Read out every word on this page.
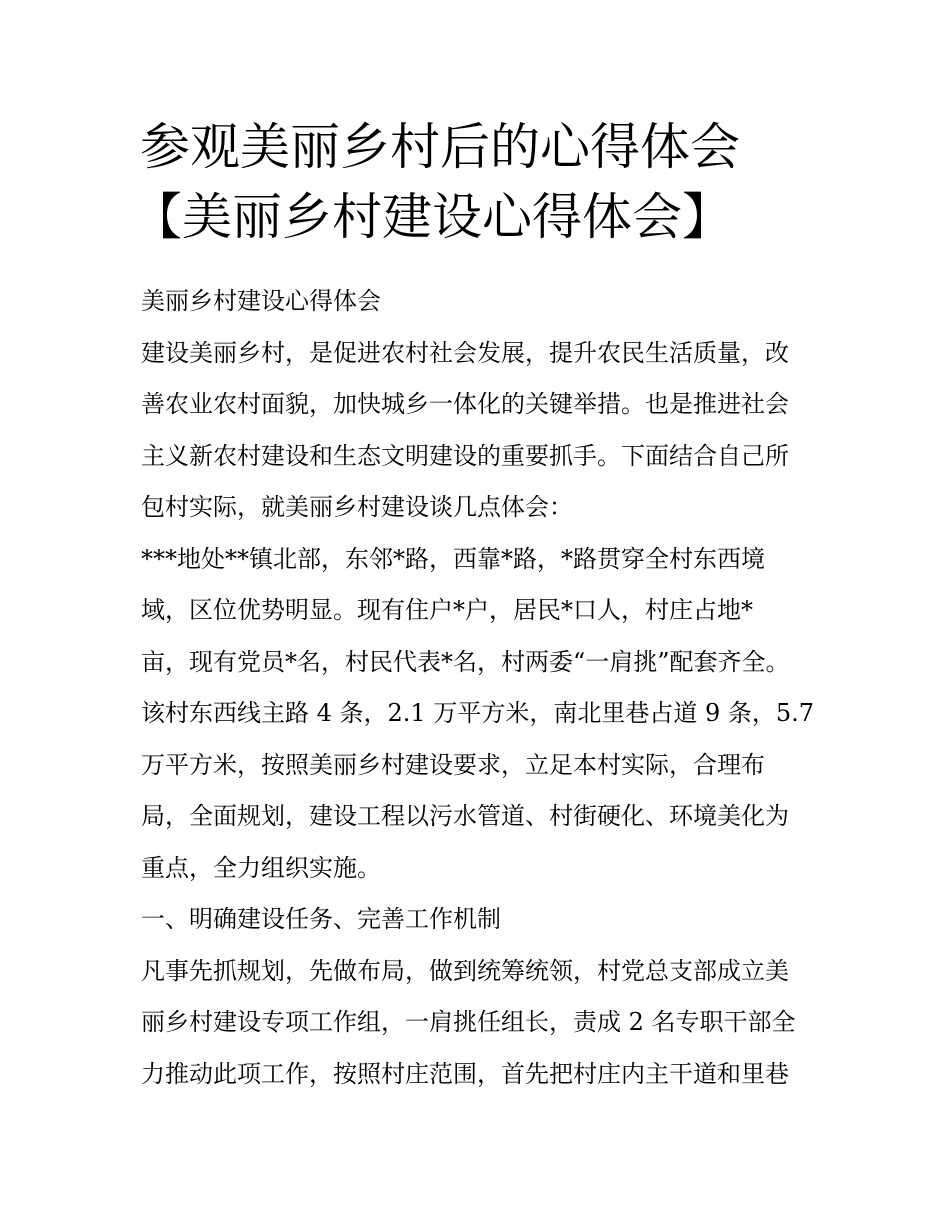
参观美丽乡村后的心得体会
【美丽乡村建设心得体会】
美丽乡村建设心得体会
建设美丽乡村，是促进农村社会发展，提升农民生活质量，改
善农业农村面貌，加快城乡一体化的关键举措。也是推进社会
主义新农村建设和生态文明建设的重要抓手。下面结合自己所
包村实际，就美丽乡村建设谈几点体会：
***地处**镇北部，东邻*路，西靠*路，*路贯穿全村东西境
域，区位优势明显。现有住户*户，居民*口人，村庄占地*
亩，现有党员*名，村民代表*名，村两委“一肩挑”配套齐全。
该村东西线主路 4 条，2.1 万平方米，南北里巷占道 9 条，5.7
万平方米，按照美丽乡村建设要求，立足本村实际，合理布
局，全面规划，建设工程以污水管道、村街硬化、环境美化为
重点，全力组织实施。
一、明确建设任务、完善工作机制
凡事先抓规划，先做布局，做到统筹统领，村党总支部成立美
丽乡村建设专项工作组，一肩挑任组长，责成 2 名专职干部全
力推动此项工作，按照村庄范围，首先把村庄内主干道和里巷
